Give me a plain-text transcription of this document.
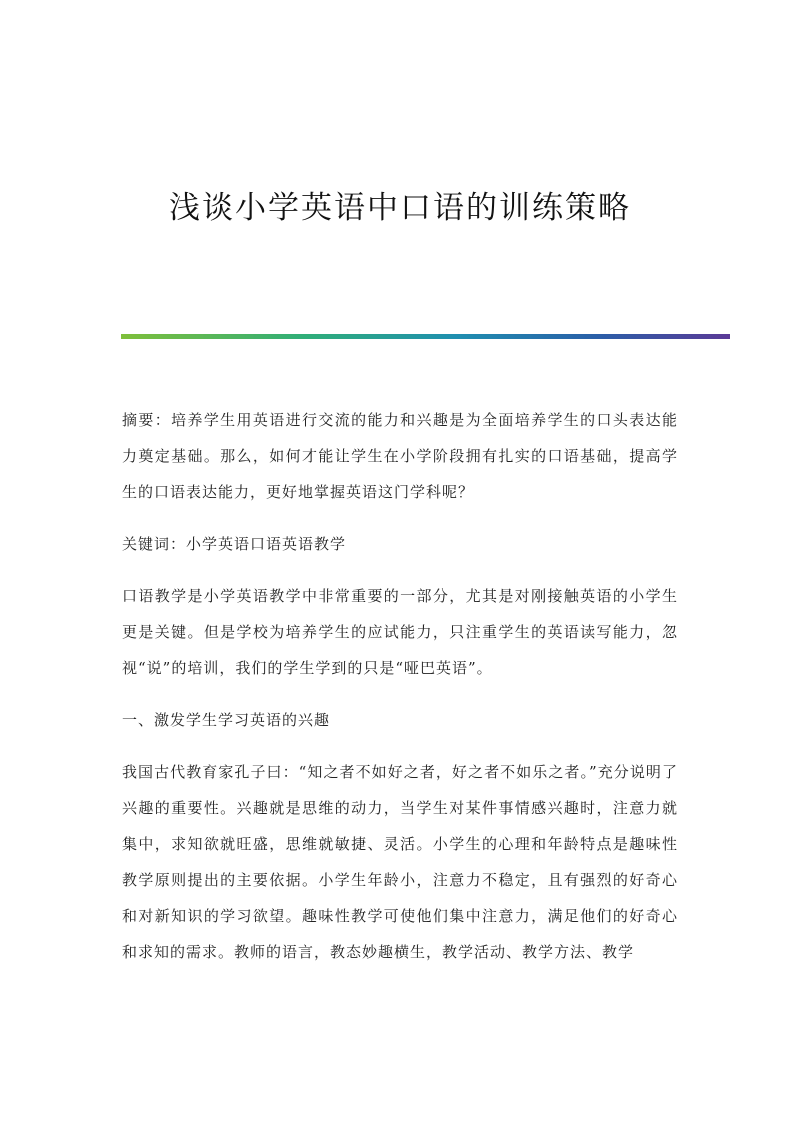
浅谈小学英语中口语的训练策略

摘要：培养学生用英语进行交流的能力和兴趣是为全面培养学生的口头表达能力奠定基础。那么，如何才能让学生在小学阶段拥有扎实的口语基础，提高学生的口语表达能力，更好地掌握英语这门学科呢？

关键词：小学英语口语英语教学

口语教学是小学英语教学中非常重要的一部分，尤其是对刚接触英语的小学生更是关键。但是学校为培养学生的应试能力，只注重学生的英语读写能力，忽视“说”的培训，我们的学生学到的只是“哑巴英语”。

一、激发学生学习英语的兴趣

我国古代教育家孔子曰：“知之者不如好之者，好之者不如乐之者。”充分说明了兴趣的重要性。兴趣就是思维的动力，当学生对某件事情感兴趣时，注意力就集中，求知欲就旺盛，思维就敏捷、灵活。小学生的心理和年龄特点是趣味性教学原则提出的主要依据。小学生年龄小，注意力不稳定，且有强烈的好奇心和对新知识的学习欲望。趣味性教学可使他们集中注意力，满足他们的好奇心和求知的需求。教师的语言，教态妙趣横生，教学活动、教学方法、教学
